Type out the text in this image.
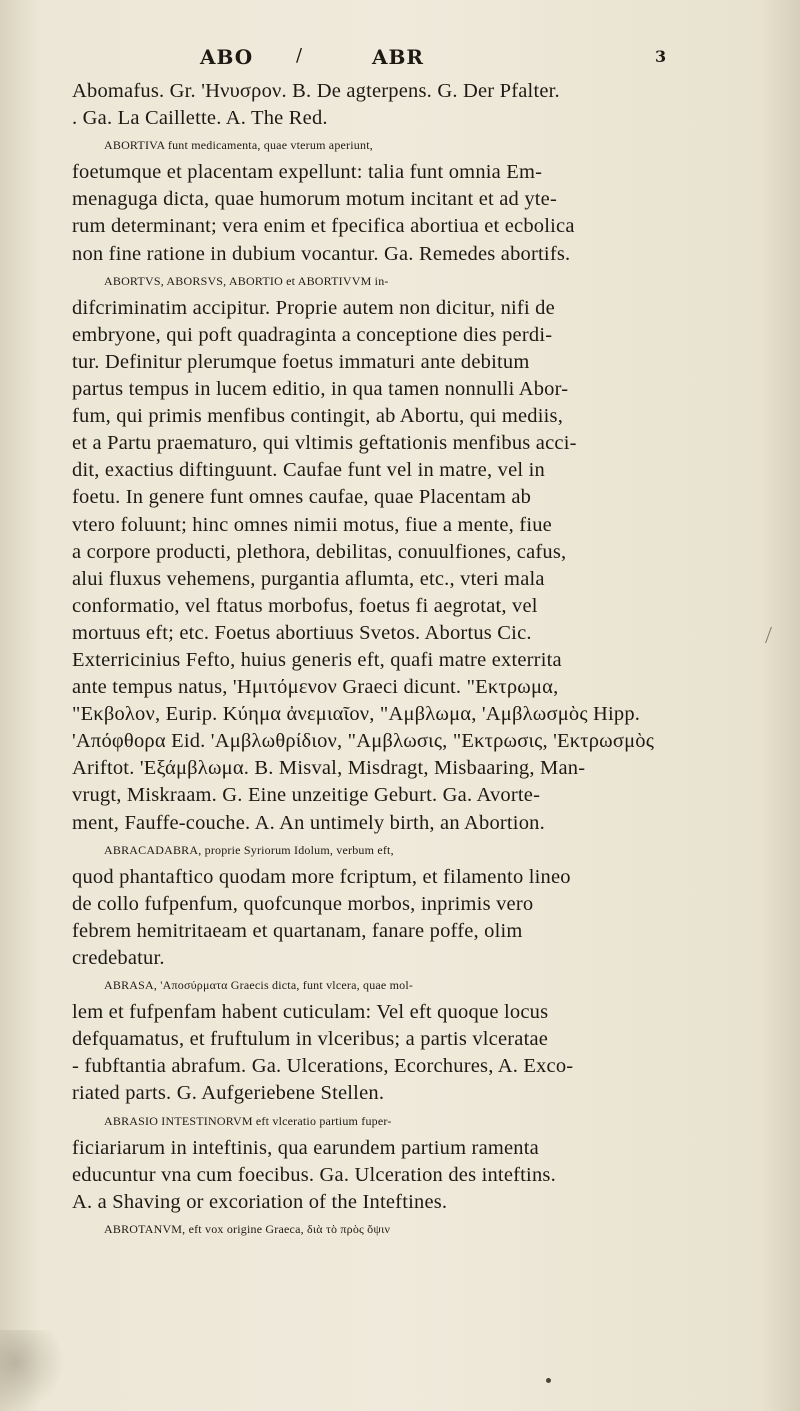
ABO /	ABR	3
Abomafus. Gr. 'Hνυσρον. B. De agterpens. G. Der Pfalter.
. Ga. La Caillette. A. The Red.
ABORTIVA funt medicamenta, quae vterum aperiunt,
foetumque et placentam expellunt: talia funt omnia Em-
menaguga dicta, quae humorum motum incitant et ad yte-
rum determinant; vera enim et fpecifica abortiua et ecbolica
non fine ratione in dubium vocantur. Ga. Remedes abortifs.
ABORTVS, ABORSVS, ABORTIO et ABORTIVVM in-
difcriminatim accipitur. Proprie autem non dicitur, nifi de
embryone, qui poft quadraginta a conceptione dies perdi-
tur. Definitur plerumque foetus immaturi ante debitum
partus tempus in lucem editio, in qua tamen nonnulli Abor-
fum, qui primis menfibus contingit, ab Abortu, qui mediis,
et a Partu praematuro, qui vltimis geftationis menfibus acci-
dit, exactius diftinguunt. Caufae funt vel in matre, vel in
foetu. In genere funt omnes caufae, quae Placentam ab
vtero foluunt; hinc omnes nimii motus, fiue a mente, fiue
a corpore producti, plethora, debilitas, conuulfiones, cafus,
alui fluxus vehemens, purgantia aflumta, etc., vteri mala
conformatio, vel ftatus morbofus, foetus fi aegrotat, vel
mortuus eft; etc. Foetus abortiuus Svetos. Abortus Cic.
Exterricinius Fefto, huius generis eft, quafi matre exterrita
ante tempus natus, 'Hμιτόμενον Graeci dicunt. "Εκτρωμα,
"Εκβολον, Eurip. Κύημα ἀνεμιαῖον, "Αμβλωμα, 'Αμβλωσμὸς Hipp.
'Απόφθορα Eid. 'Αμβλωθρίδιον, "Αμβλωσις, "Εκτρωσις, 'Εκτρωσμὸς
Ariftot. 'Εξάμβλωμα. B. Misval, Misdragt, Misbaaring, Man-
vrugt, Miskraam. G. Eine unzeitige Geburt. Ga. Avorte-
ment, Fauffe-couche. A. An untimely birth, an Abortion.
ABRACADABRA, proprie Syriorum Idolum, verbum eft,
quod phantaftico quodam more fcriptum, et filamento lineo
de collo fufpenfum, quofcunque morbos, inprimis vero
febrem hemitritaeam et quartanam, fanare poffe, olim
credebatur.
ABRASA, 'Απoσύρματα Graecis dicta, funt vlcera, quae mol-
lem et fufpenfam habent cuticulam: Vel eft quoque locus
defquamatus, et fruftulum in vlceribus; a partis vlceratae
- fubftantia abrafum. Ga. Ulcerations, Ecorchures, A. Exco-
riated parts. G. Aufgeriebene Stellen.
ABRASIO INTESTINORVM eft vlceratio partium fuper-
ficiariarum in inteftinis, qua earundem partium ramenta
educuntur vna cum foecibus. Ga. Ulceration des inteftins.
A. a Shaving or excoriation of the Inteftines.
ABROTANVM, eft vox origine Graeca, διὰ τὸ πρὸς ὄψιν
